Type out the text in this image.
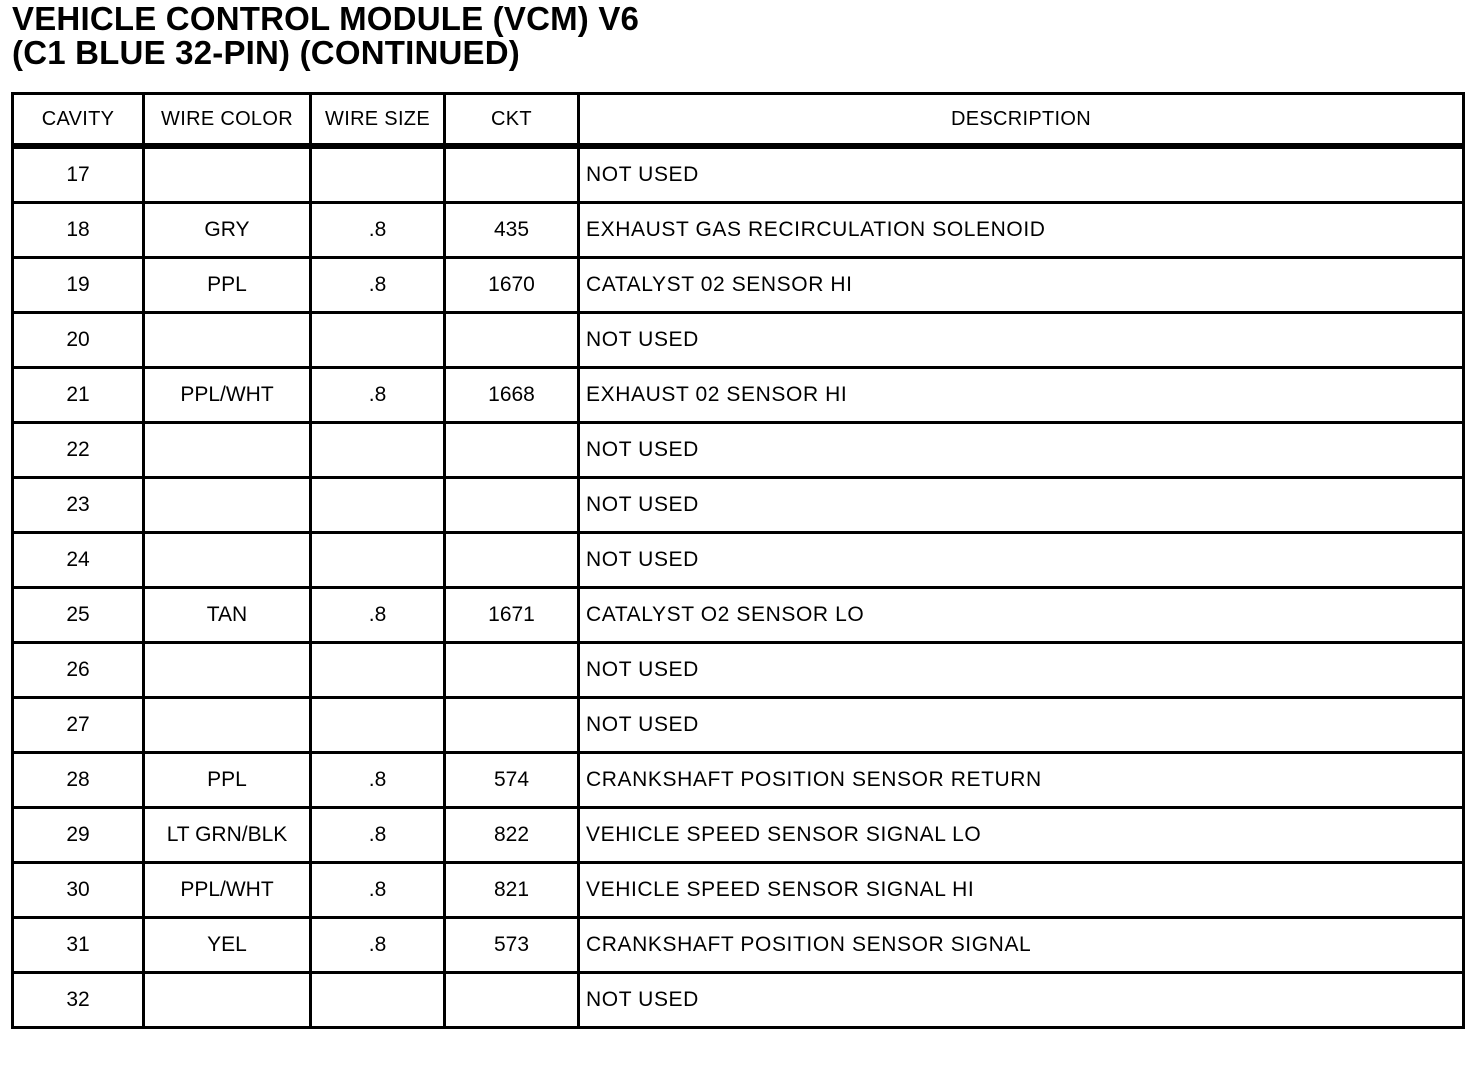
VEHICLE CONTROL MODULE (VCM) V6
(C1 BLUE 32-PIN) (CONTINUED)
CAVITY	WIRE COLOR	WIRE SIZE	CKT	DESCRIPTION
17				NOT USED
18	GRY	.8	435	EXHAUST GAS RECIRCULATION SOLENOID
19	PPL	.8	1670	CATALYST 02 SENSOR HI
20				NOT USED
21	PPL/WHT	.8	1668	EXHAUST 02 SENSOR HI
22				NOT USED
23				NOT USED
24				NOT USED
25	TAN	.8	1671	CATALYST O2 SENSOR LO
26				NOT USED
27				NOT USED
28	PPL	.8	574	CRANKSHAFT POSITION SENSOR RETURN
29	LT GRN/BLK	.8	822	VEHICLE SPEED SENSOR SIGNAL LO
30	PPL/WHT	.8	821	VEHICLE SPEED SENSOR SIGNAL HI
31	YEL	.8	573	CRANKSHAFT POSITION SENSOR SIGNAL
32				NOT USED
